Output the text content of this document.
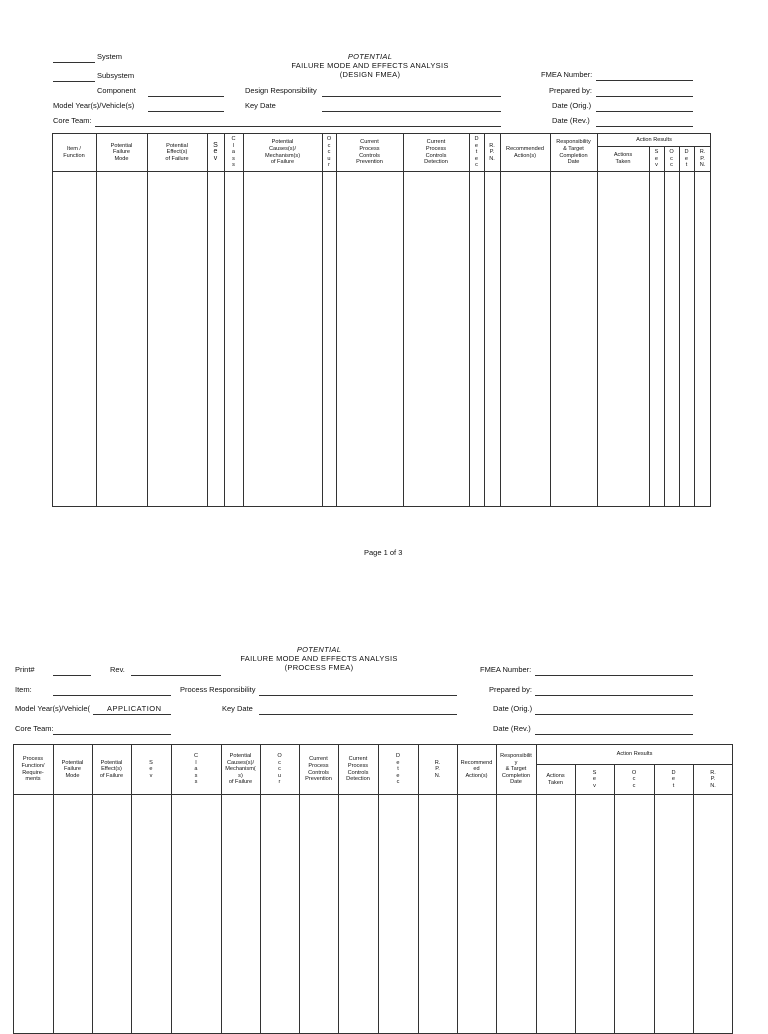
POTENTIAL
FAILURE MODE AND EFFECTS ANALYSIS
(DESIGN FMEA)
System
Subsystem
Component
Model Year(s)/Vehicle(s)
Core Team:
Design Responsibility
Key Date
FMEA Number:
Prepared by:
Date (Orig.)
Date (Rev.)
Item /
Function
Potential
Failure
Mode
Potential
Effect(s)
of Failure
S
e
v
C
l
a
s
s
Potential
Causes(s)/
Mechanism(s)
of Failure
O
c
c
u
r
Current
Process
Controls
Prevention
Current
Process
Controls
Detection
D
e
t
e
c
R.
P.
N.
Recommended
Action(s)
Responsibility
& Target
Completion
Date
Action Results
Actions
Taken
S
e
v
O
c
c
D
e
t
R.
P.
N.
Page 1 of 3
POTENTIAL
FAILURE MODE AND EFFECTS ANALYSIS
(PROCESS FMEA)
Print#	Rev.
Item:
Model Year(s)/Vehicle( APPLICATION
Core Team:
Process Responsibility
Key Date
FMEA Number:
Prepared by:
Date (Orig.)
Date (Rev.)
Process
Function/
Require-
ments
Potential
Failure
Mode
Potential
Effect(s)
of Failure
S
e
v
C
l
a
s
s
Potential
Causes(s)/
Mechanism(
s)
of Failure
O
c
c
u
r
Current
Process
Controls
Prevention
Current
Process
Controls
Detection
D
e
t
e
c
R.
P.
N.
Recommend
ed
Action(s)
Responsibilit
y
& Target
Completion
Date
Action Results
Actions
Taken
S
e
v
O
c
c
D
e
t
R.
P.
N.
